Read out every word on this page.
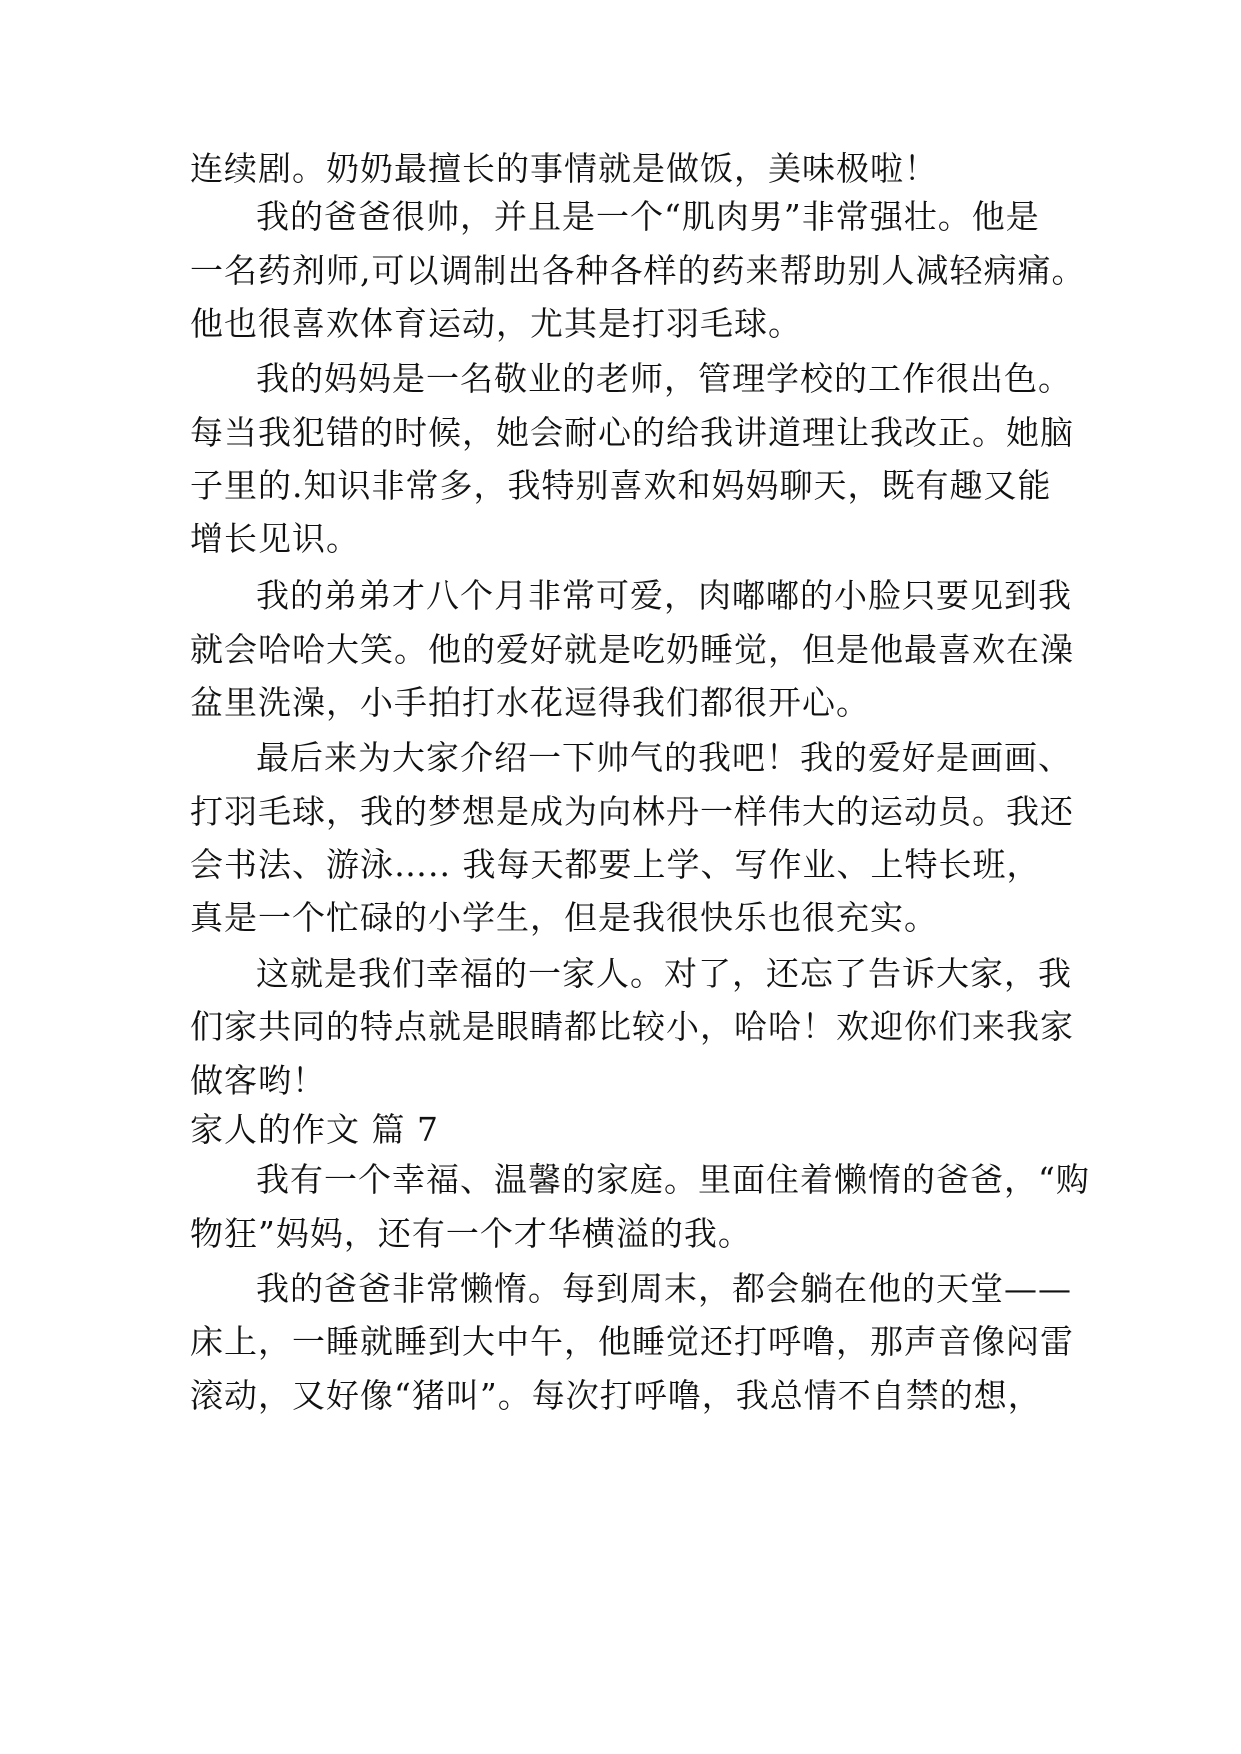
连续剧。奶奶最擅长的事情就是做饭，美味极啦！

我的爸爸很帅，并且是一个“肌肉男”非常强壮。他是

一名药剂师,可以调制出各种各样的药来帮助别人减轻病痛。

他也很喜欢体育运动，尤其是打羽毛球。

我的妈妈是一名敬业的老师，管理学校的工作很出色。

每当我犯错的时候，她会耐心的给我讲道理让我改正。她脑

子里的.知识非常多，我特别喜欢和妈妈聊天，既有趣又能

增长见识。

我的弟弟才八个月非常可爱，肉嘟嘟的小脸只要见到我

就会哈哈大笑。他的爱好就是吃奶睡觉，但是他最喜欢在澡

盆里洗澡，小手拍打水花逗得我们都很开心。

最后来为大家介绍一下帅气的我吧！我的爱好是画画、

打羽毛球，我的梦想是成为向林丹一样伟大的运动员。我还

会书法、游泳….. 我每天都要上学、写作业、上特长班，

真是一个忙碌的小学生，但是我很快乐也很充实。

这就是我们幸福的一家人。对了，还忘了告诉大家，我

们家共同的特点就是眼睛都比较小，哈哈！欢迎你们来我家

做客哟！

家人的作文 篇 7

我有一个幸福、温馨的家庭。里面住着懒惰的爸爸，“购

物狂”妈妈，还有一个才华横溢的我。

我的爸爸非常懒惰。每到周末，都会躺在他的天堂——

床上，一睡就睡到大中午，他睡觉还打呼噜，那声音像闷雷

滚动，又好像“猪叫”。每次打呼噜，我总情不自禁的想，
